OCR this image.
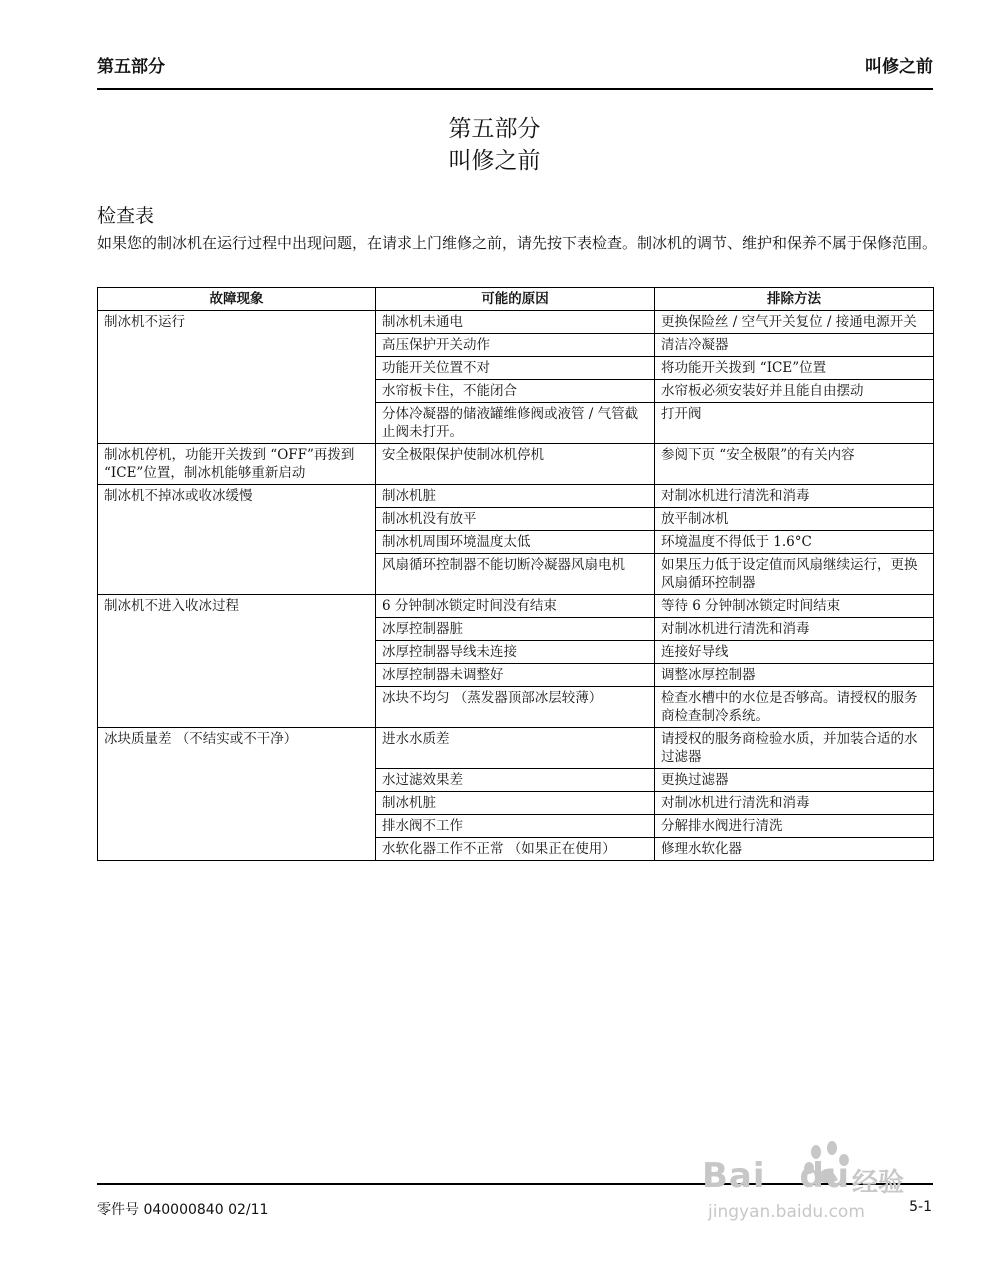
第五部分	叫修之前
第五部分
叫修之前
检查表
如果您的制冰机在运行过程中出现问题，在请求上门维修之前，请先按下表检查。制冰机的调节、维护和保养不属于保修范围。
故障现象	可能的原因	排除方法
制冰机不运行	制冰机未通电	更换保险丝 / 空气开关复位 / 接通电源开关
	高压保护开关动作	清洁冷凝器
	功能开关位置不对	将功能开关拨到 “ICE”位置
	水帘板卡住，不能闭合	水帘板必须安装好并且能自由摆动
	分体冷凝器的储液罐维修阀或液管 / 气管截止阀未打开。	打开阀
制冰机停机，功能开关拨到 “OFF”再拨到 “ICE”位置，制冰机能够重新启动	安全极限保护使制冰机停机	参阅下页 “安全极限”的有关内容
制冰机不掉冰或收冰缓慢	制冰机脏	对制冰机进行清洗和消毒
	制冰机没有放平	放平制冰机
	制冰机周围环境温度太低	环境温度不得低于 1.6°C
	风扇循环控制器不能切断冷凝器风扇电机	如果压力低于设定值而风扇继续运行，更换风扇循环控制器
制冰机不进入收冰过程	6 分钟制冰锁定时间没有结束	等待 6 分钟制冰锁定时间结束
	冰厚控制器脏	对制冰机进行清洗和消毒
	冰厚控制器导线未连接	连接好导线
	冰厚控制器未调整好	调整冰厚控制器
	冰块不均匀 （蒸发器顶部冰层较薄）	检查水槽中的水位是否够高。请授权的服务商检查制冷系统。
冰块质量差 （不结实或不干净）	进水水质差	请授权的服务商检验水质，并加装合适的水过滤器
	水过滤效果差	更换过滤器
	制冰机脏	对制冰机进行清洗和消毒
	排水阀不工作	分解排水阀进行清洗
	水软化器工作不正常 （如果正在使用）	修理水软化器
零件号 040000840 02/11	5-1
Bai du 经验
jingyan.baidu.com
